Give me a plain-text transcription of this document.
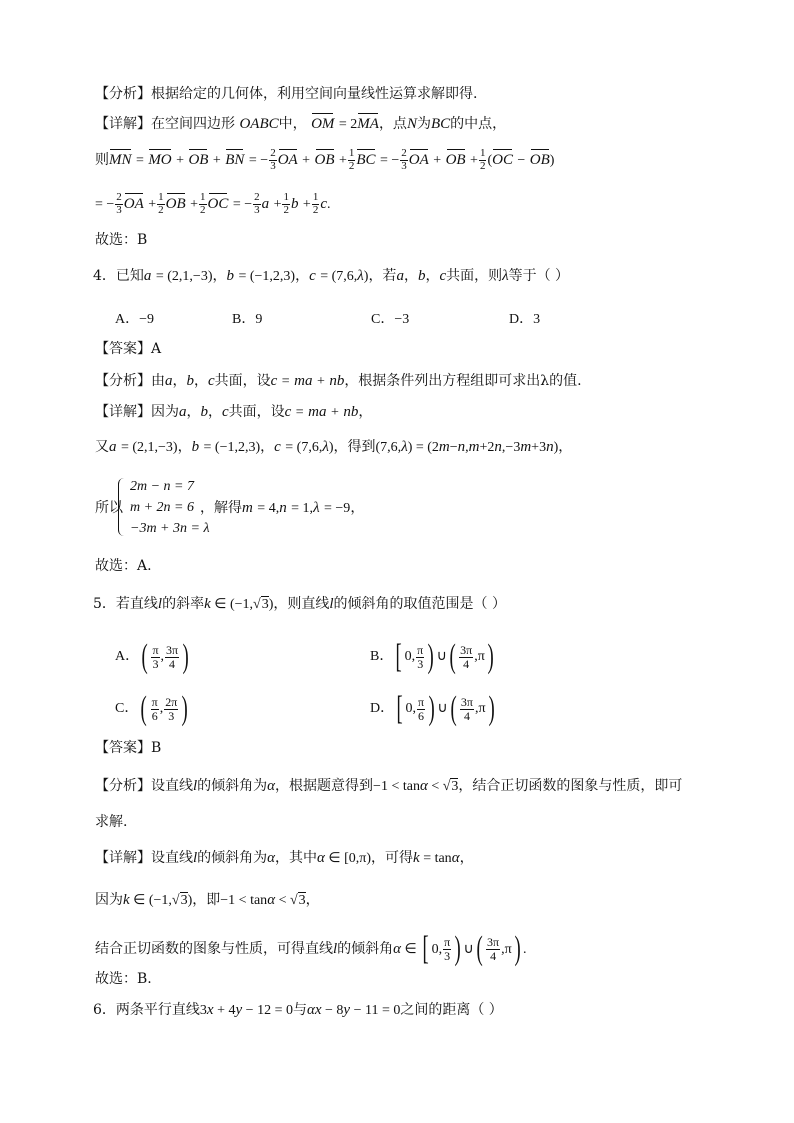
【分析】根据给定的几何体，利用空间向量线性运算求解即得.
【详解】在空间四边形 OABC中， OM = 2MA，点N为BC的中点，
则MN = MO + OB + BN = − $\frac{2}{3}$ OA + OB + $\frac{1}{2}$ BC = − $\frac{2}{3}$ OA + OB + $\frac{1}{2} (OC - OB)$
= − $\frac{2}{3}$ OA + $\frac{1}{2}$ OB + $\frac{1}{2}$ OC = − $\frac{2}{3}$ $a + \frac{1}{2}$ $b + \frac{1}{2} c$.
故选：B
4．已知a = (2,1,−3)，b = (−1,2,3)，c = (7,6,λ)，若a，b，c共面，则λ等于（ ）
A．−9	B．9	C．−3	D．3
【答案】A
【分析】由a，b，c共面，设c = ma + nb，根据条件列出方程组即可求出λ的值.
【详解】因为a，b，c共面，设c = ma + nb，
又a = (2,1,−3)，b = (−1,2,3)，c = (7,6,λ)，得到(7,6,λ) = (2m−n,m+2n,−3m+3n)，
所以
2m − n = 7
m + 2n = 6
−3m + 3n = λ
，解得m = 4,n = 1,λ = −9，
故选：A.
5．若直线l的斜率k ∈ (−1,√3)，则直线l的倾斜角的取值范围是（ ）
A．( $\frac{\pi}{3}$ , $\frac{3\pi}{4}$ )	B．[ 0, $\frac{\pi}{3}$ ) ∪( $\frac{3\pi}{4} ,\pi$)
C．( $\frac{\pi}{6}$ , $\frac{2\pi}{3}$ )	D．[ 0, $\frac{\pi}{6}$ ) ∪( $\frac{3\pi}{4} ,\pi$)
【答案】B
【分析】设直线l的倾斜角为α，根据题意得到−1 < tanα < √3，结合正切函数的图象与性质，即可
求解.
【详解】设直线l的倾斜角为α，其中α ∈ [0,π)，可得k = tanα，
因为k ∈ (−1,√3)，即−1 < tanα < √3，
结合正切函数的图象与性质，可得直线l的倾斜角α ∈ [ 0, $\frac{\pi}{3}$ ) ∪( $\frac{3\pi}{4} ,\pi$) .
故选：B.
6．两条平行直线3x + 4y − 12 = 0与αx − 8y − 11 = 0之间的距离（ ）
